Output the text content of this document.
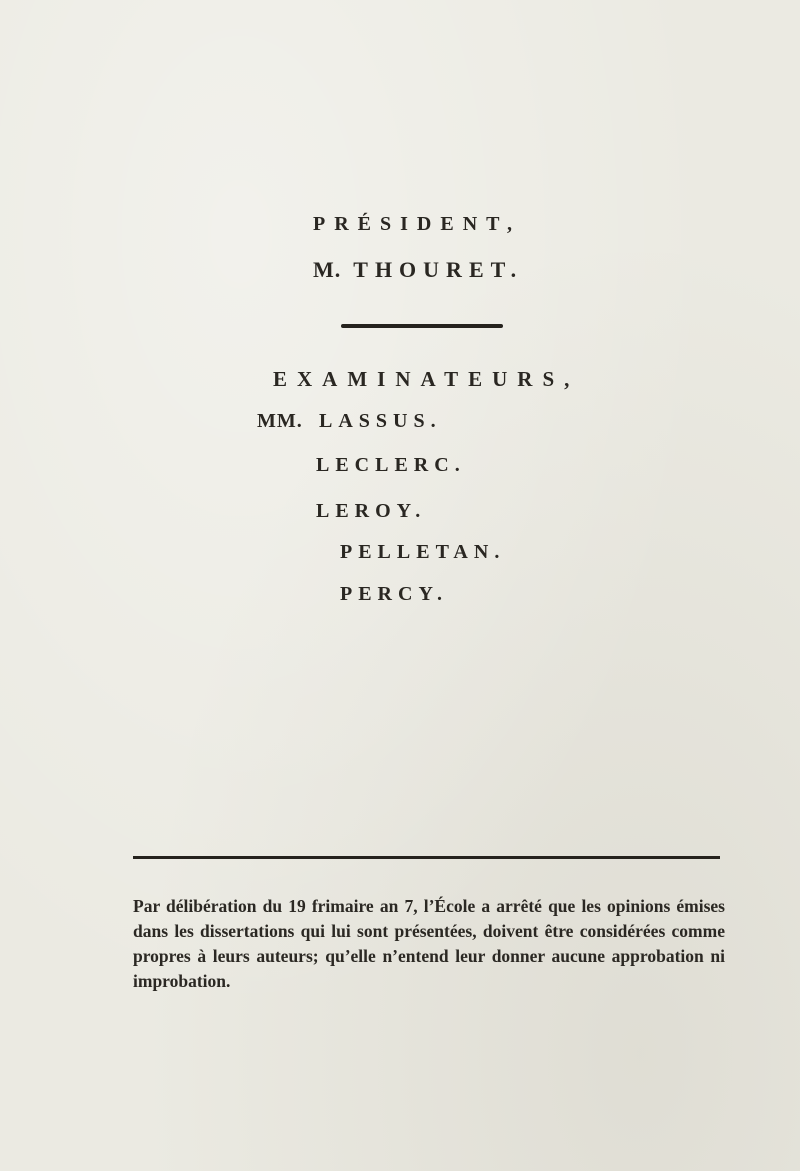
PRÉSIDENT,
M. THOURET.
EXAMINATEURS,
MM. LASSUS.
LECLERC.
LEROY.
PELLETAN.
PERCY.

Par délibération du 19 frimaire an 7, l’École a arrêté que les opinions émises dans les dissertations qui lui sont présentées, doivent être considérées comme propres à leurs auteurs; qu’elle n’entend leur donner aucune approbation ni improbation.
